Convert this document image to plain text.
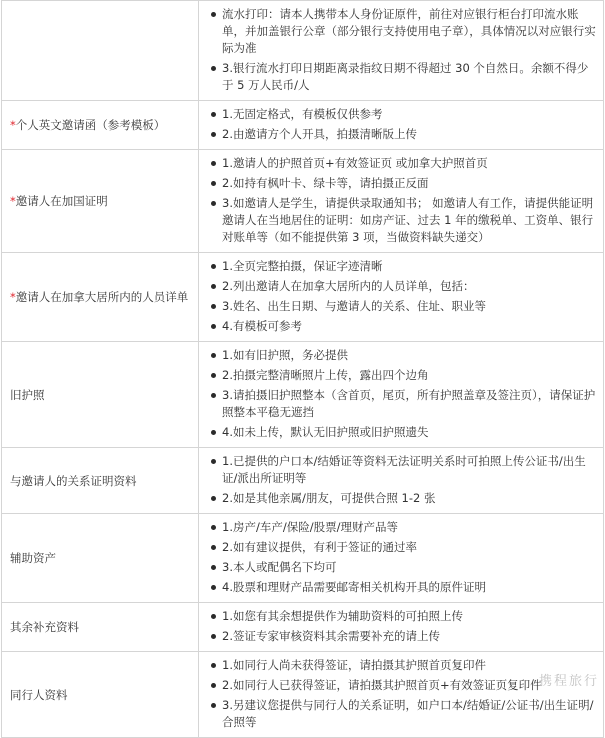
	流水打印：请本人携带本人身份证原件，前往对应银行柜台打印流水账单，并加盖银行公章（部分银行支持使用电子章），具体情况以对应银行实际为准
3.银行流水打印日期距离录指纹日期不得超过 30 个自然日。余额不得少于 5 万人民币/人

*个人英文邀请函（参考模板）	1.无固定格式，有模板仅供参考
2.由邀请方个人开具，拍摄清晰版上传

*邀请人在加国证明	1.邀请人的护照首页+有效签证页 或加拿大护照首页
2.如持有枫叶卡、绿卡等，请拍摄正反面
3.如邀请人是学生，请提供录取通知书； 如邀请人有工作，请提供能证明邀请人在当地居住的证明：如房产证、过去 1 年的缴税单、工资单、银行对账单等（如不能提供第 3 项，当做资料缺失递交）

*邀请人在加拿大居所内的人员详单	1.全页完整拍摄，保证字迹清晰
2.列出邀请人在加拿大居所内的人员详单，包括：
3.姓名、出生日期、与邀请人的关系、住址、职业等
4.有模板可参考

旧护照	1.如有旧护照，务必提供
2.拍摄完整清晰照片上传，露出四个边角
3.请拍摄旧护照整本（含首页，尾页，所有护照盖章及签注页），请保证护照整本平稳无遮挡
4.如未上传，默认无旧护照或旧护照遗失

与邀请人的关系证明资料	1.已提供的户口本/结婚证等资料无法证明关系时可拍照上传公证书/出生证/派出所证明等
2.如是其他亲属/朋友，可提供合照 1-2 张

辅助资产	1.房产/车产/保险/股票/理财产品等
2.如有建议提供，有利于签证的通过率
3.本人或配偶名下均可
4.股票和理财产品需要邮寄相关机构开具的原件证明

其余补充资料	1.如您有其余想提供作为辅助资料的可拍照上传
2.签证专家审核资料其余需要补充的请上传

同行人资料	1.如同行人尚未获得签证，请拍摄其护照首页复印件
2.如同行人已获得签证，请拍摄其护照首页+有效签证页复印件
3.另建议您提供与同行人的关系证明，如户口本/结婚证/公证书/出生证明/合照等
携程旅行
